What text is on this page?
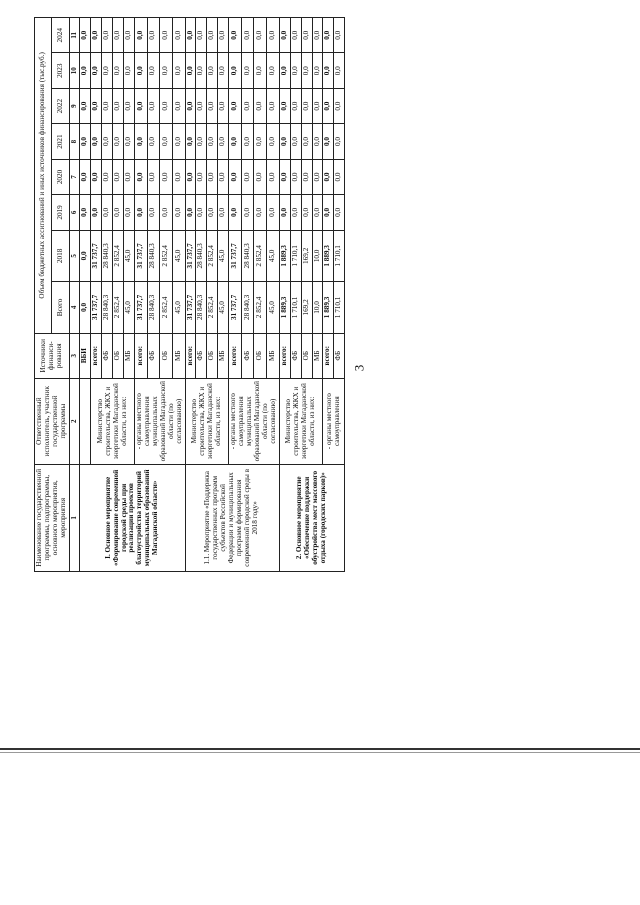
3
Наименование государственной программы, подпрограммы, основного мероприятия, мероприятия	Ответственный исполнитель, участник государственной программы	Источники финанси-рования	Объем бюджетных ассигнований и иных источников финансирования (тыс.руб.)							
			Всего	2018	2019	2020	2021	2022	2023	2024
1	2	3	4	5	6	7	8	9	10	11
I. Основное мероприятие «Формирование современной городской среды при реализации проектов благоустройства территорий муниципальных образований Магаданской области»		ВБИ	0,0	0,0	0,0	0,0	0,0	0,0	0,0	0,0
	Министерство строительства, ЖКХ и энергетики Магаданской области, из них:	всего:	31 737,7	31 737,7	0,0	0,0	0,0	0,0	0,0	0,0
		ФБ	28 840,3	28 840,3	0,0	0,0	0,0	0,0	0,0	0,0
		ОБ	2 852,4	2 852,4	0,0	0,0	0,0	0,0	0,0	0,0
		МБ	45,0	45,0	0,0	0,0	0,0	0,0	0,0	0,0
	- органы местного самоуправления муниципальных образований Магаданской области (по согласованию)	всего:	31 737,7	31 737,7	0,0	0,0	0,0	0,0	0,0	0,0
		ФБ	28 840,3	28 840,3	0,0	0,0	0,0	0,0	0,0	0,0
		ОБ	2 852,4	2 852,4	0,0	0,0	0,0	0,0	0,0	0,0
		МБ	45,0	45,0	0,0	0,0	0,0	0,0	0,0	0,0
1.1. Мероприятие «Поддержка государственных программ субъектов Российской Федерации и муниципальных программ формирования современной городской среды в 2018 году»	Министерство строительства, ЖКХ и энергетики Магаданской области, из них:	всего:	31 737,7	31 737,7	0,0	0,0	0,0	0,0	0,0	0,0
		ФБ	28 840,3	28 840,3	0,0	0,0	0,0	0,0	0,0	0,0
		ОБ	2 852,4	2 852,4	0,0	0,0	0,0	0,0	0,0	0,0
		МБ	45,0	45,0	0,0	0,0	0,0	0,0	0,0	0,0
	- органы местного самоуправления муниципальных образований Магаданской области (по согласованию)	всего:	31 737,7	31 737,7	0,0	0,0	0,0	0,0	0,0	0,0
		ФБ	28 840,3	28 840,3	0,0	0,0	0,0	0,0	0,0	0,0
		ОБ	2 852,4	2 852,4	0,0	0,0	0,0	0,0	0,0	0,0
		МБ	45,0	45,0	0,0	0,0	0,0	0,0	0,0	0,0
2. Основное мероприятие «Обеспечение поддержки обустройства мест массового отдыха (городских парков)»	Министерство строительства, ЖКХ и энергетики Магаданской области, из них:	всего:	1 889,3	1 889,3	0,0	0,0	0,0	0,0	0,0	0,0
		ФБ	1 710,1	1 710,1	0,0	0,0	0,0	0,0	0,0	0,0
		ОБ	169,2	169,2	0,0	0,0	0,0	0,0	0,0	0,0
		МБ	10,0	10,0	0,0	0,0	0,0	0,0	0,0	0,0
	- органы местного самоуправления	всего:	1 889,3	1 889,3	0,0	0,0	0,0	0,0	0,0	0,0
		ФБ	1 710,1	1 710,1	0,0	0,0	0,0	0,0	0,0	0,0
